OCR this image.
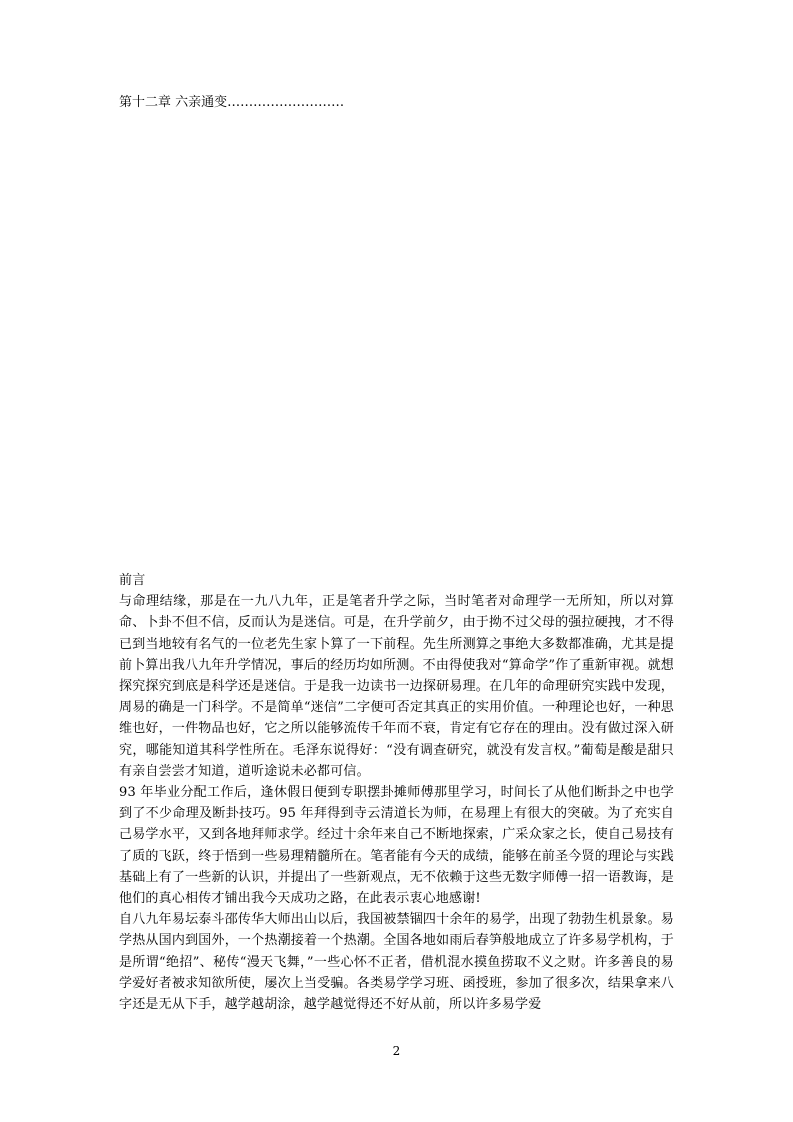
第十二章 六亲通变………………………
前言

与命理结缘，那是在一九八九年，正是笔者升学之际，当时笔者对命理学一无所知，所以对算命、卜卦不但不信，反而认为是迷信。可是，在升学前夕，由于拗不过父母的强拉硬拽，才不得已到当地较有名气的一位老先生家卜算了一下前程。先生所测算之事绝大多数都准确，尤其是提前卜算出我八九年升学情况，事后的经历均如所测。不由得使我对“算命学”作了重新审视。就想探究探究到底是科学还是迷信。于是我一边读书一边探研易理。在几年的命理研究实践中发现，周易的确是一门科学。不是简单“迷信”二字便可否定其真正的实用价值。一种理论也好，一种思维也好，一件物品也好，它之所以能够流传千年而不衰，肯定有它存在的理由。没有做过深入研究，哪能知道其科学性所在。毛泽东说得好：“没有调查研究，就没有发言权。”葡萄是酸是甜只有亲自尝尝才知道，道听途说未必都可信。

93 年毕业分配工作后，逢休假日便到专职摆卦摊师傅那里学习，时间长了从他们断卦之中也学到了不少命理及断卦技巧。95 年拜得到寺云清道长为师，在易理上有很大的突破。为了充实自己易学水平，又到各地拜师求学。经过十余年来自己不断地探索，广采众家之长，使自己易技有了质的飞跃，终于悟到一些易理精髓所在。笔者能有今天的成绩，能够在前圣今贤的理论与实践基础上有了一些新的认识，并提出了一些新观点，无不依赖于这些无数字师傅一招一语教诲，是他们的真心相传才铺出我今天成功之路，在此表示衷心地感谢!

自八九年易坛泰斗邵传华大师出山以后，我国被禁锢四十余年的易学，出现了勃勃生机景象。易学热从国内到国外，一个热潮接着一个热潮。全国各地如雨后春笋般地成立了许多易学机构，于是所谓“绝招”、秘传“漫天飞舞，”一些心怀不正者，借机混水摸鱼捞取不义之财。许多善良的易学爱好者被求知欲所使，屡次上当受骗。各类易学学习班、函授班，参加了很多次，结果拿来八字还是无从下手，越学越胡涂，越学越觉得还不好从前，所以许多易学爱

2
